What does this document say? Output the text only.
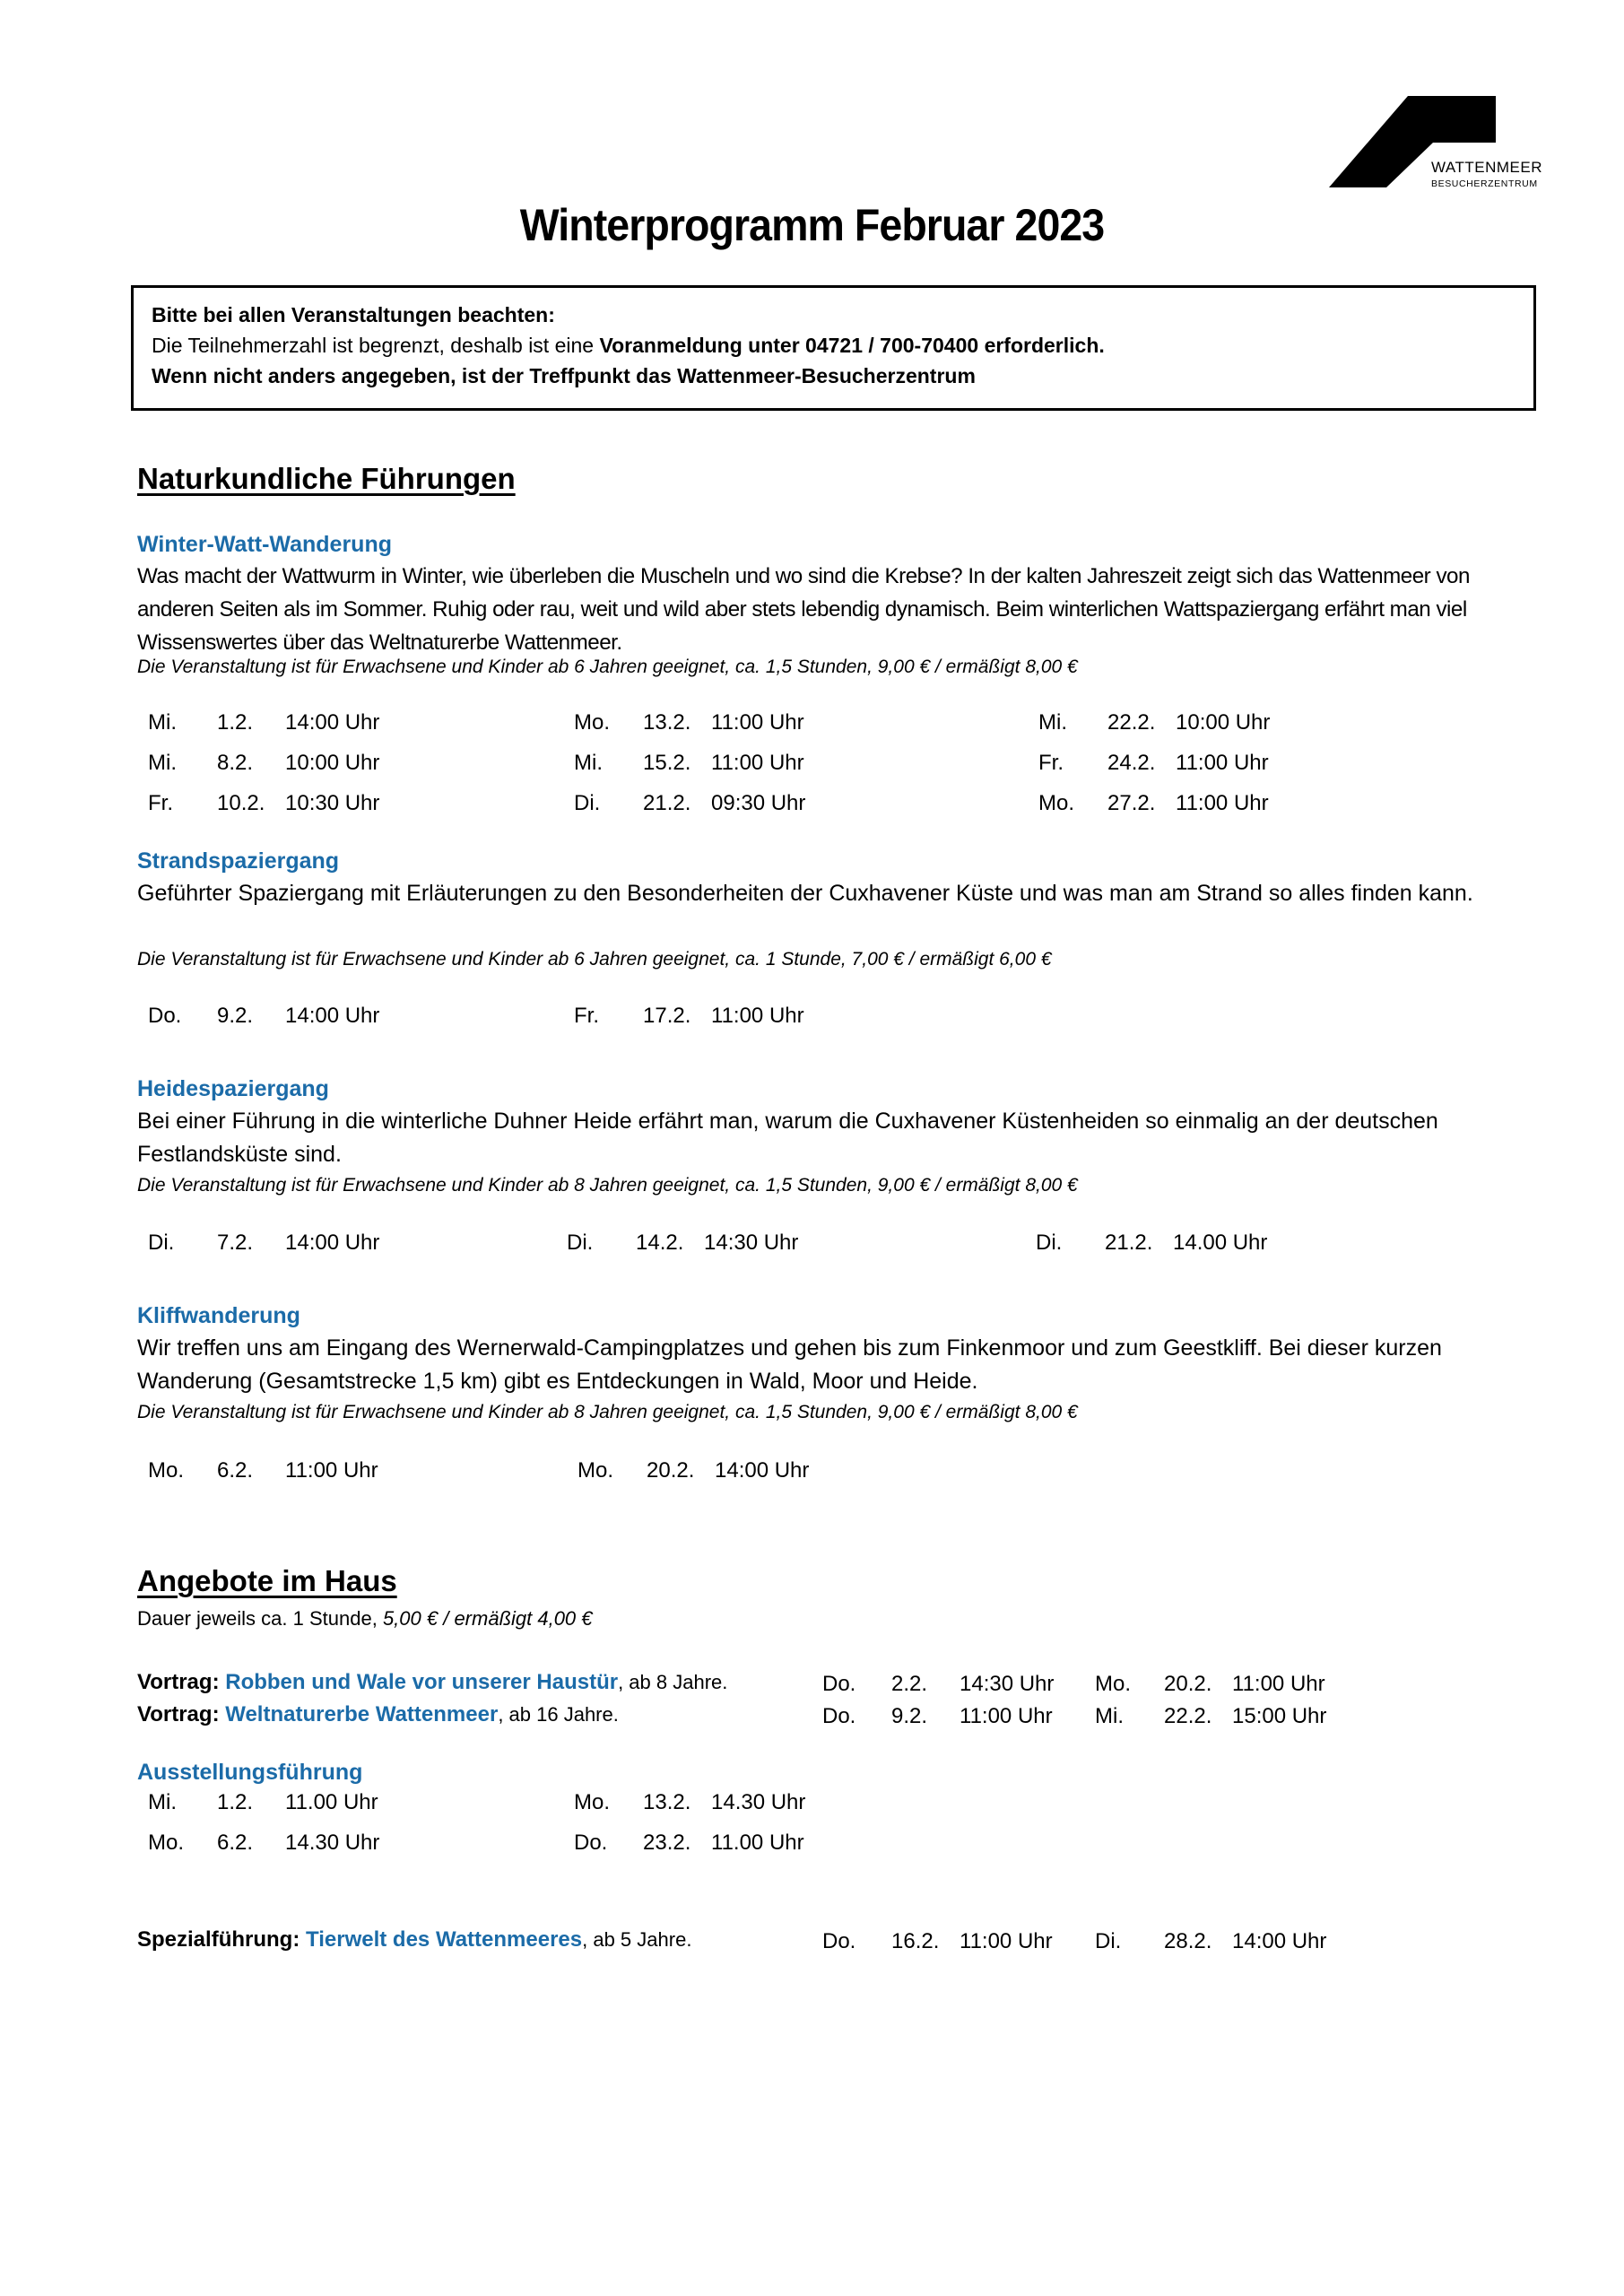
WATTENMEER
BESUCHERZENTRUM
Winterprogramm Februar 2023
Bitte bei allen Veranstaltungen beachten:
Die Teilnehmerzahl ist begrenzt, deshalb ist eine Voranmeldung unter 04721 / 700-70400 erforderlich.
Wenn nicht anders angegeben, ist der Treffpunkt das Wattenmeer-Besucherzentrum
Naturkundliche Führungen
Winter-Watt-Wanderung
Was macht der Wattwurm in Winter, wie überleben die Muscheln und wo sind die Krebse? In der kalten Jahreszeit zeigt sich das Wattenmeer von anderen Seiten als im Sommer. Ruhig oder rau, weit und wild aber stets lebendig dynamisch. Beim winterlichen Wattspaziergang erfährt man viel Wissenswertes über das Weltnaturerbe Wattenmeer.
Die Veranstaltung ist für Erwachsene und Kinder ab 6 Jahren geeignet, ca. 1,5 Stunden, 9,00 € / ermäßigt 8,00 €
Mi. 1.2. 14:00 Uhr	Mo. 13.2. 11:00 Uhr	Mi. 22.2. 10:00 Uhr
Mi. 8.2. 10:00 Uhr	Mi. 15.2. 11:00 Uhr	Fr. 24.2. 11:00 Uhr
Fr. 10.2. 10:30 Uhr	Di. 21.2. 09:30 Uhr	Mo. 27.2. 11:00 Uhr
Strandspaziergang
Geführter Spaziergang mit Erläuterungen zu den Besonderheiten der Cuxhavener Küste und was man am Strand so alles finden kann.
Die Veranstaltung ist für Erwachsene und Kinder ab 6 Jahren geeignet, ca. 1 Stunde, 7,00 € / ermäßigt 6,00 €
Do. 9.2. 14:00 Uhr	Fr. 17.2. 11:00 Uhr
Heidespaziergang
Bei einer Führung in die winterliche Duhner Heide erfährt man, warum die Cuxhavener Küstenheiden so einmalig an der deutschen Festlandsküste sind.
Die Veranstaltung ist für Erwachsene und Kinder ab 8 Jahren geeignet, ca. 1,5 Stunden, 9,00 € / ermäßigt 8,00 €
Di. 7.2. 14:00 Uhr	Di. 14.2. 14:30 Uhr	Di. 21.2. 14.00 Uhr
Kliffwanderung
Wir treffen uns am Eingang des Wernerwald-Campingplatzes und gehen bis zum Finkenmoor und zum Geestkliff. Bei dieser kurzen Wanderung (Gesamtstrecke 1,5 km) gibt es Entdeckungen in Wald, Moor und Heide.
Die Veranstaltung ist für Erwachsene und Kinder ab 8 Jahren geeignet, ca. 1,5 Stunden, 9,00 € / ermäßigt 8,00 €
Mo. 6.2. 11:00 Uhr	Mo. 20.2. 14:00 Uhr
Angebote im Haus
Dauer jeweils ca. 1 Stunde, 5,00 € / ermäßigt 4,00 €
Vortrag: Robben und Wale vor unserer Haustür, ab 8 Jahre.	Do. 2.2. 14:30 Uhr Mo. 20.2. 11:00 Uhr
Vortrag: Weltnaturerbe Wattenmeer, ab 16 Jahre.	Do. 9.2. 11:00 Uhr Mi. 22.2. 15:00 Uhr
Ausstellungsführung
Mi. 1.2. 11.00 Uhr	Mo. 13.2. 14.30 Uhr
Mo. 6.2. 14.30 Uhr	Do. 23.2. 11.00 Uhr
Spezialführung: Tierwelt des Wattenmeeres, ab 5 Jahre.	Do. 16.2. 11:00 Uhr Di. 28.2. 14:00 Uhr
